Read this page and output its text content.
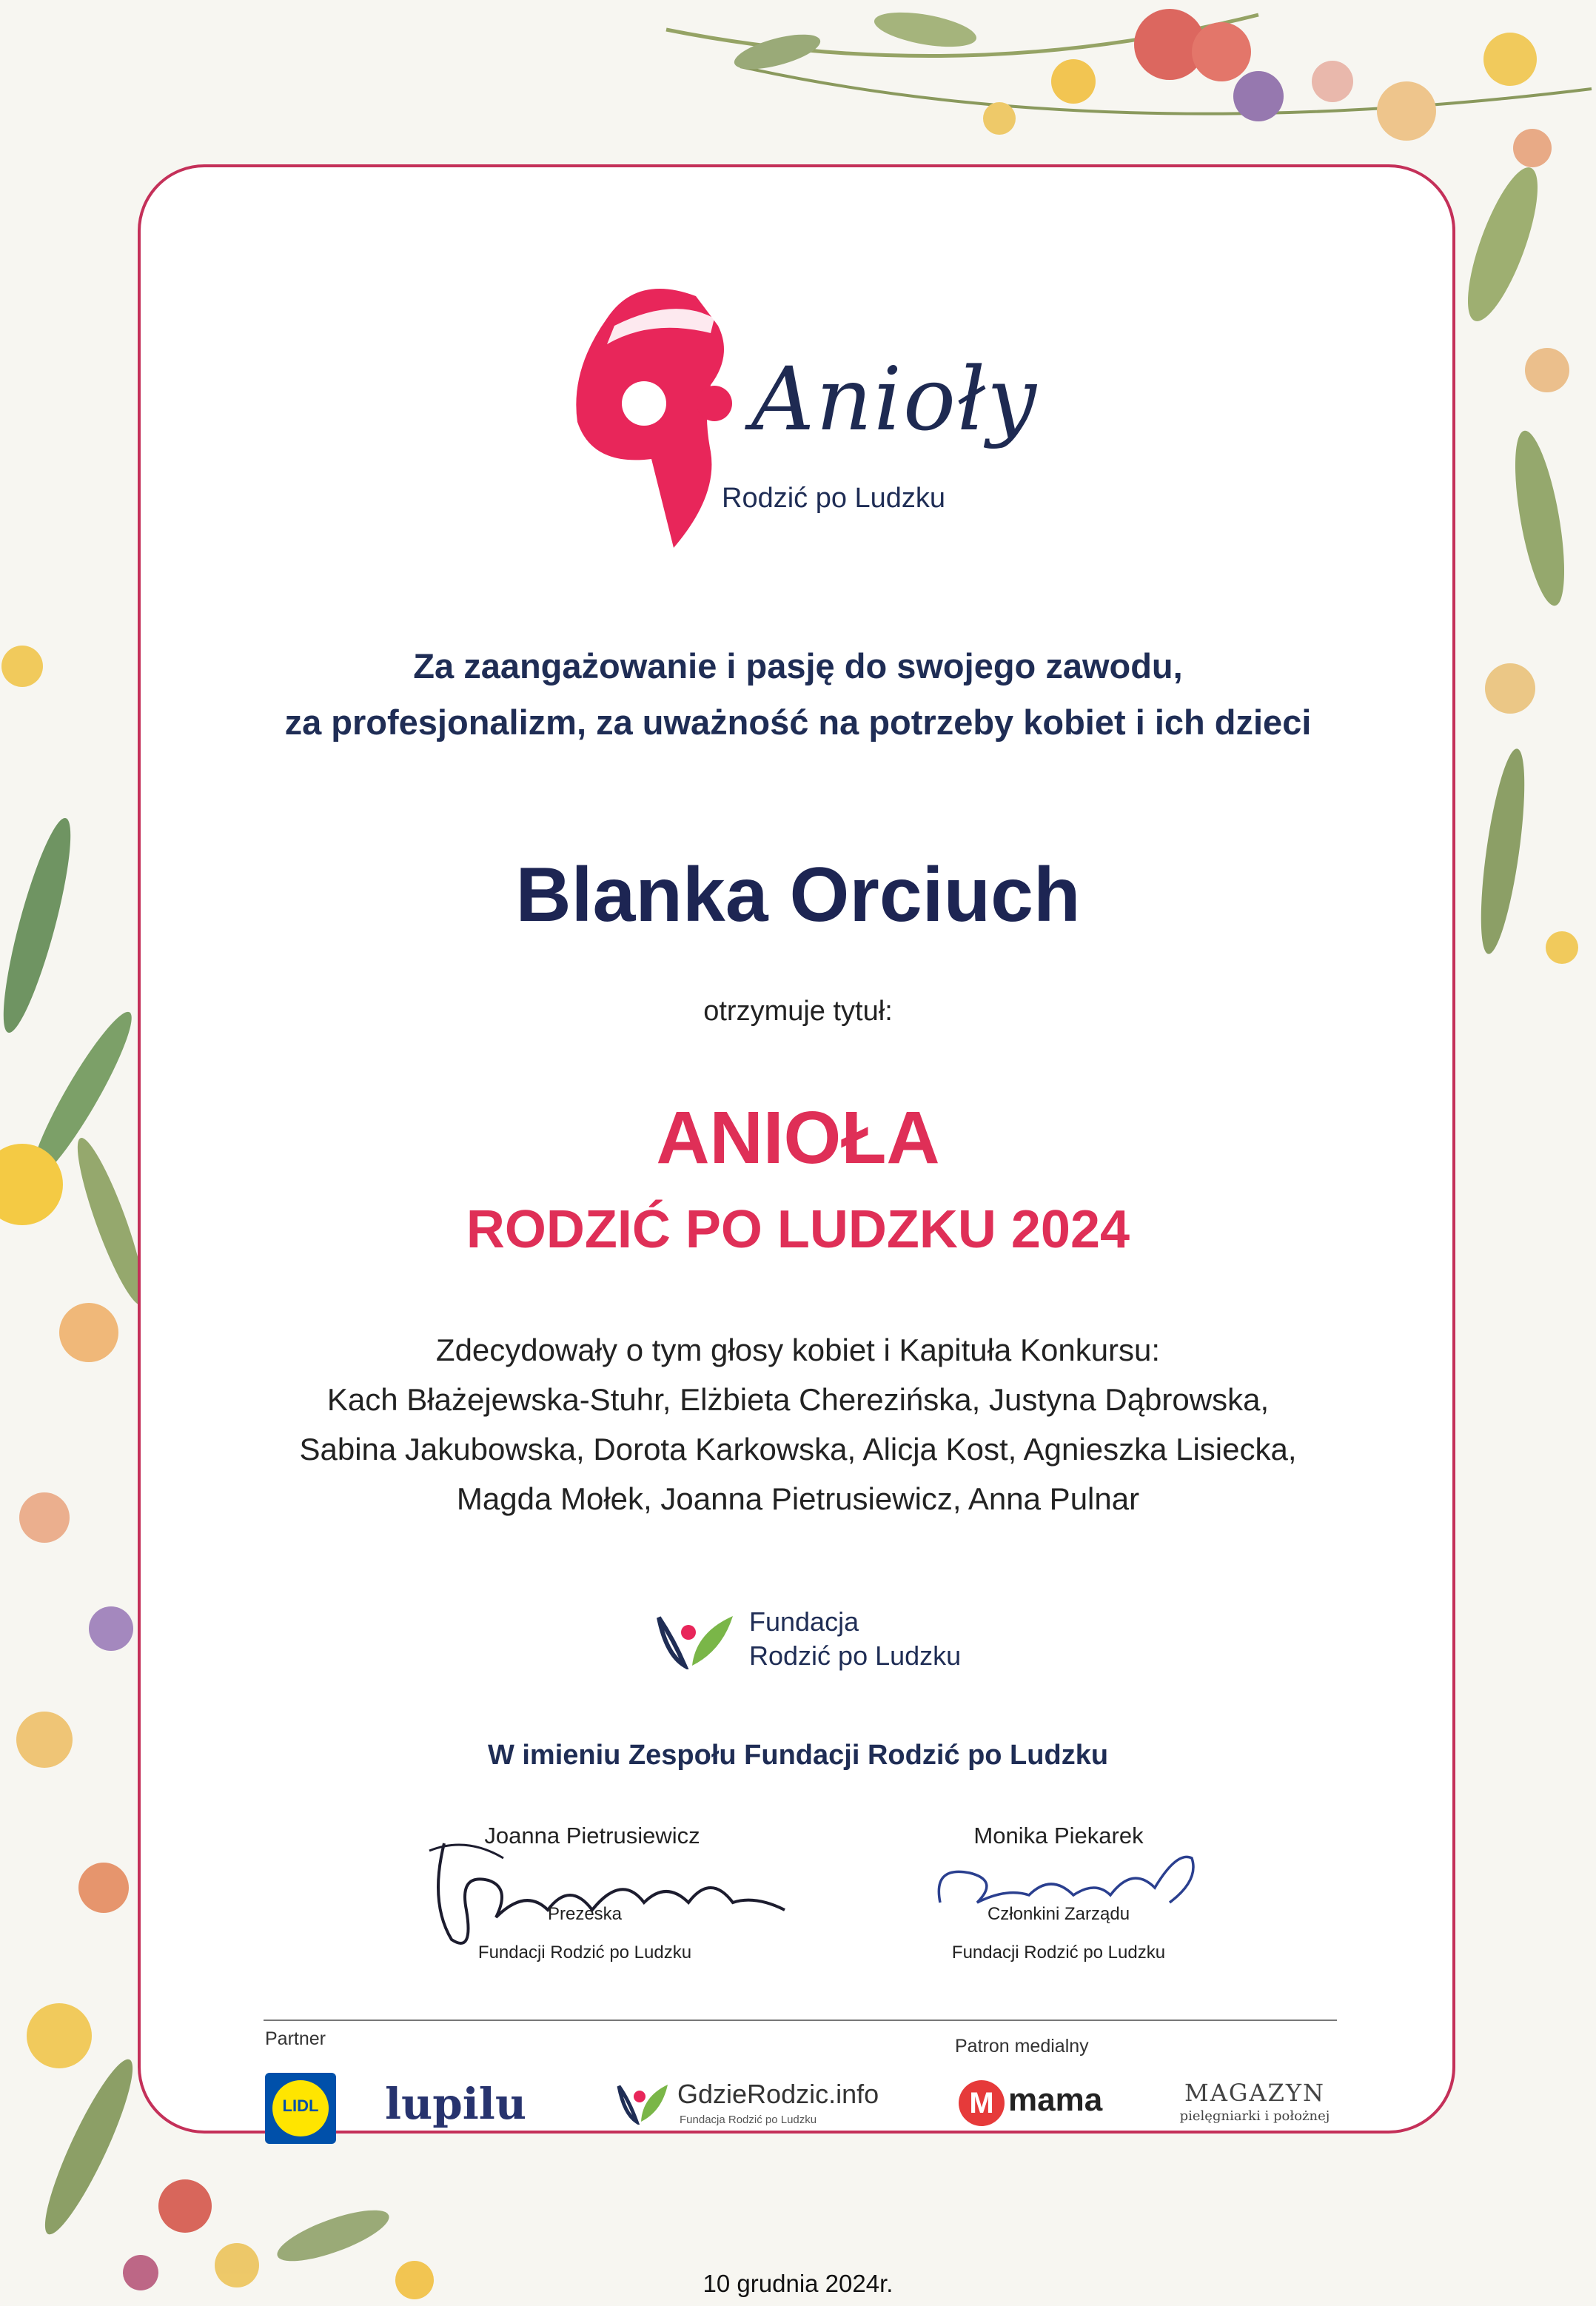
Anioły
Rodzić po Ludzku
Za zaangażowanie i pasję do swojego zawodu,
za profesjonalizm, za uważność na potrzeby kobiet i ich dzieci
Blanka Orciuch
otrzymuje tytuł:
ANIOŁA
RODZIĆ PO LUDZKU 2024
Zdecydowały o tym głosy kobiet i Kapituła Konkursu:
Kach Błażejewska-Stuhr, Elżbieta Cherezińska, Justyna Dąbrowska,
Sabina Jakubowska, Dorota Karkowska, Alicja Kost, Agnieszka Lisiecka,
Magda Mołek, Joanna Pietrusiewicz, Anna Pulnar
Fundacja
Rodzić po Ludzku
W imieniu Zespołu Fundacji Rodzić po Ludzku
Joanna Pietrusiewicz
Prezeska
Fundacji Rodzić po Ludzku
Monika Piekarek
Członkini Zarządu
Fundacji Rodzić po Ludzku
Partner	Patron medialny
LIDL	lupilu	GdzieRodzic.info
Fundacja Rodzić po Ludzku
M mama	MAGAZYN
pielęgniarki i położnej
10 grudnia 2024r.
